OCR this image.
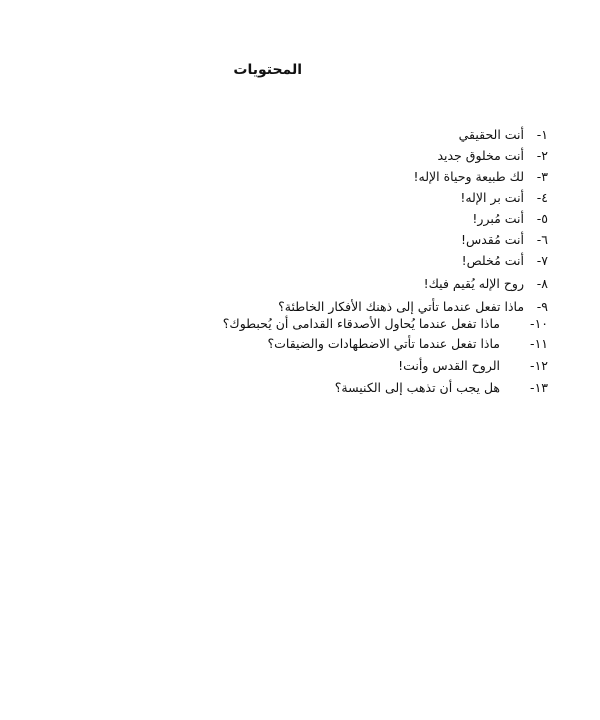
المحتويات
١- أنت الحقيقي
٢- أنت مخلوق جديد
٣- لك طبيعة وحياة الإله!
٤- أنت بر الإله!
٥- أنت مُبرر!
٦- أنت مُقدس!
٧- أنت مُخلص!
٨- روح الإله يُقيم فيك!
٩- ماذا تفعل عندما تأتي إلى ذهنك الأفكار الخاطئة؟
١٠- ماذا تفعل عندما يُحاول الأصدقاء القدامى أن يُحبطوك؟
١١- ماذا تفعل عندما تأتي الاضطهادات والضيقات؟
١٢- الروح القدس وأنت!
١٣- هل يجب أن تذهب إلى الكنيسة؟
